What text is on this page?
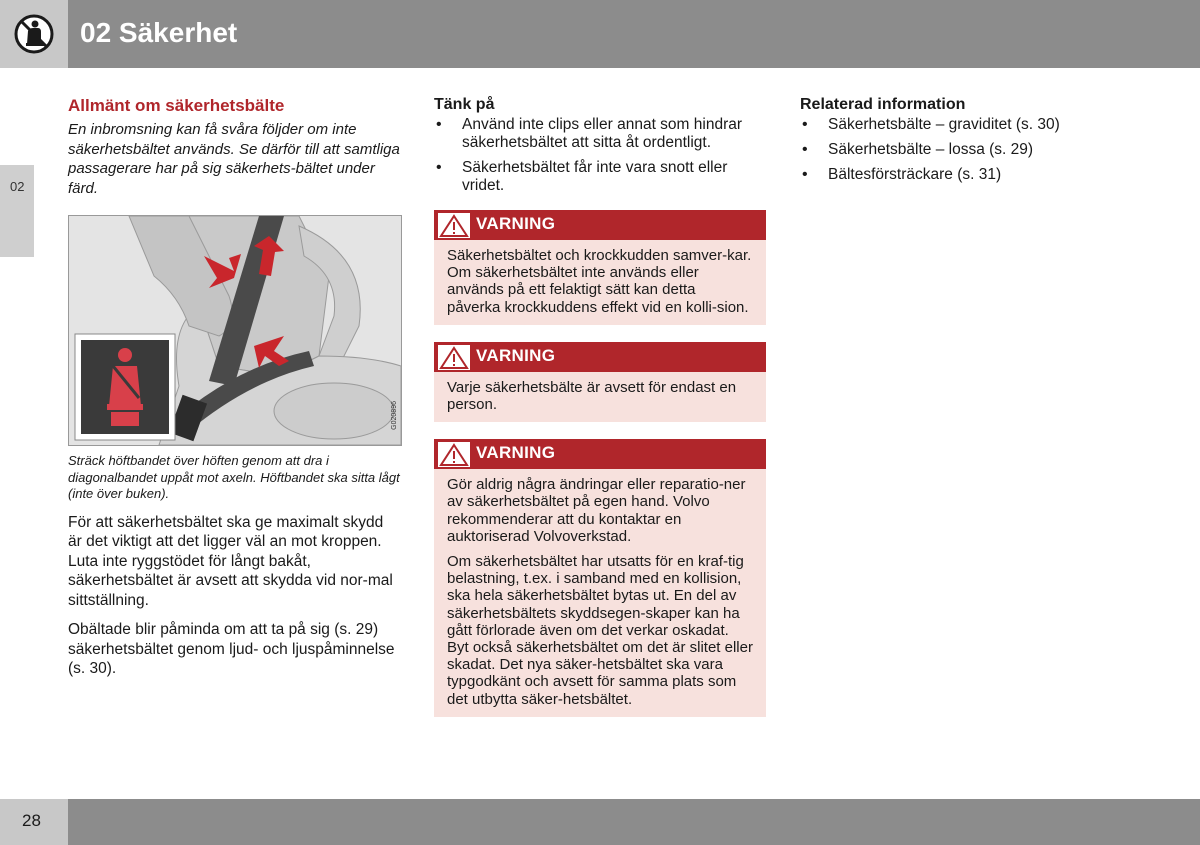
02 Säkerhet
02
Allmänt om säkerhetsbälte

En inbromsning kan få svåra följder om inte säkerhetsbältet används. Se därför till att samtliga passagerare har på sig säkerhets-bältet under färd.

G020896

Sträck höftbandet över höften genom att dra i diagonalbandet uppåt mot axeln. Höftbandet ska sitta lågt (inte över buken).

För att säkerhetsbältet ska ge maximalt skydd är det viktigt att det ligger väl an mot kroppen. Luta inte ryggstödet för långt bakåt, säkerhetsbältet är avsett att skydda vid nor-mal sittställning.

Obältade blir påminda om att ta på sig (s. 29) säkerhetsbältet genom ljud- och ljuspåminnelse (s. 30).

Tänk på
• Använd inte clips eller annat som hindrar säkerhetsbältet att sitta åt ordentligt.
• Säkerhetsbältet får inte vara snott eller vridet.
VARNING

Säkerhetsbältet och krockkudden samver-kar. Om säkerhetsbältet inte används eller används på ett felaktigt sätt kan detta påverka krockkuddens effekt vid en kolli-sion.

VARNING

Varje säkerhetsbälte är avsett för endast en person.

VARNING

Gör aldrig några ändringar eller reparatio-ner av säkerhetsbältet på egen hand. Volvo rekommenderar att du kontaktar en auktoriserad Volvoverkstad.

Om säkerhetsbältet har utsatts för en kraf-tig belastning, t.ex. i samband med en kollision, ska hela säkerhetsbältet bytas ut. En del av säkerhetsbältets skyddsegen-skaper kan ha gått förlorade även om det verkar oskadat. Byt också säkerhetsbältet om det är slitet eller skadat. Det nya säker-hetsbältet ska vara typgodkänt och avsett för samma plats som det utbytta säker-hetsbältet.

Relaterad information
• Säkerhetsbälte – graviditet (s. 30)
• Säkerhetsbälte – lossa (s. 29)
• Bältesförsträckare (s. 31)
28
